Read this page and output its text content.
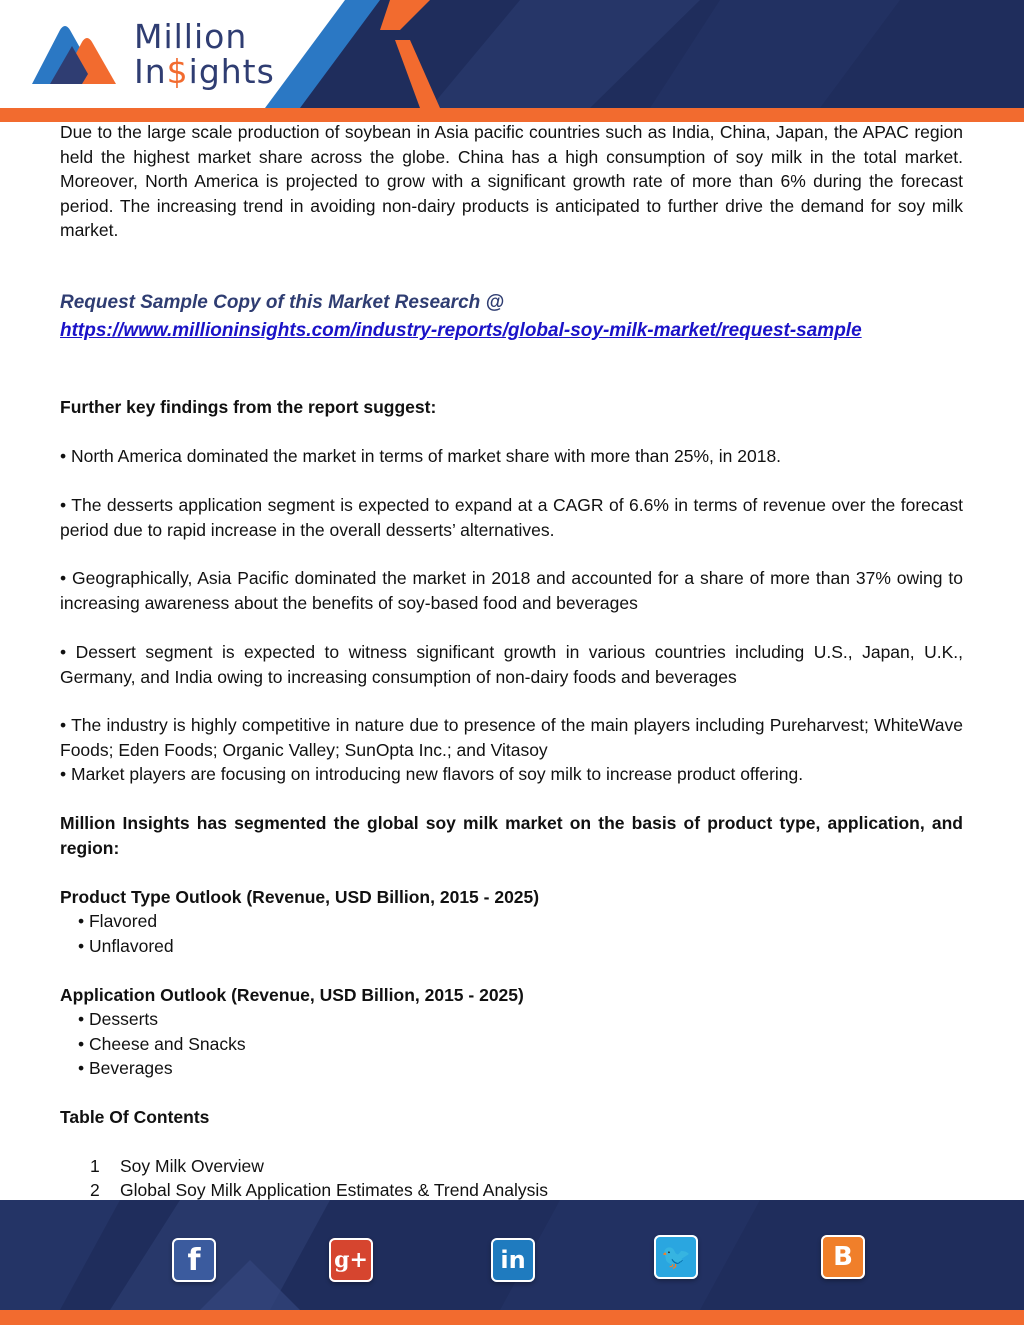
Million
In$ights

Due to the large scale production of soybean in Asia pacific countries such as India, China, Japan, the APAC region held the highest market share across the globe. China has a high consumption of soy milk in the total market. Moreover, North America is projected to grow with a significant growth rate of more than 6% during the forecast period. The increasing trend in avoiding non-dairy products is anticipated to further drive the demand for soy milk market.

Request Sample Copy of this Market Research @

https://www.millioninsights.com/industry-reports/global-soy-milk-market/request-sample

Further key findings from the report suggest:

• North America dominated the market in terms of market share with more than 25%, in 2018.

• The desserts application segment is expected to expand at a CAGR of 6.6% in terms of revenue over the forecast period due to rapid increase in the overall desserts’ alternatives.

• Geographically, Asia Pacific dominated the market in 2018 and accounted for a share of more than 37% owing to increasing awareness about the benefits of soy-based food and beverages

• Dessert segment is expected to witness significant growth in various countries including U.S., Japan, U.K., Germany, and India owing to increasing consumption of non-dairy foods and beverages

• The industry is highly competitive in nature due to presence of the main players including Pureharvest; WhiteWave Foods; Eden Foods; Organic Valley; SunOpta Inc.; and Vitasoy

• Market players are focusing on introducing new flavors of soy milk to increase product offering.

Million Insights has segmented the global soy milk market on the basis of product type, application, and region:

Product Type Outlook (Revenue, USD Billion, 2015 - 2025)

• Flavored

• Unflavored

Application Outlook (Revenue, USD Billion, 2015 - 2025)

• Desserts

• Cheese and Snacks

• Beverages

Table Of Contents

1 Soy Milk Overview
2 Global Soy Milk Application Estimates & Trend Analysis
f	g+	in	🐦	B
